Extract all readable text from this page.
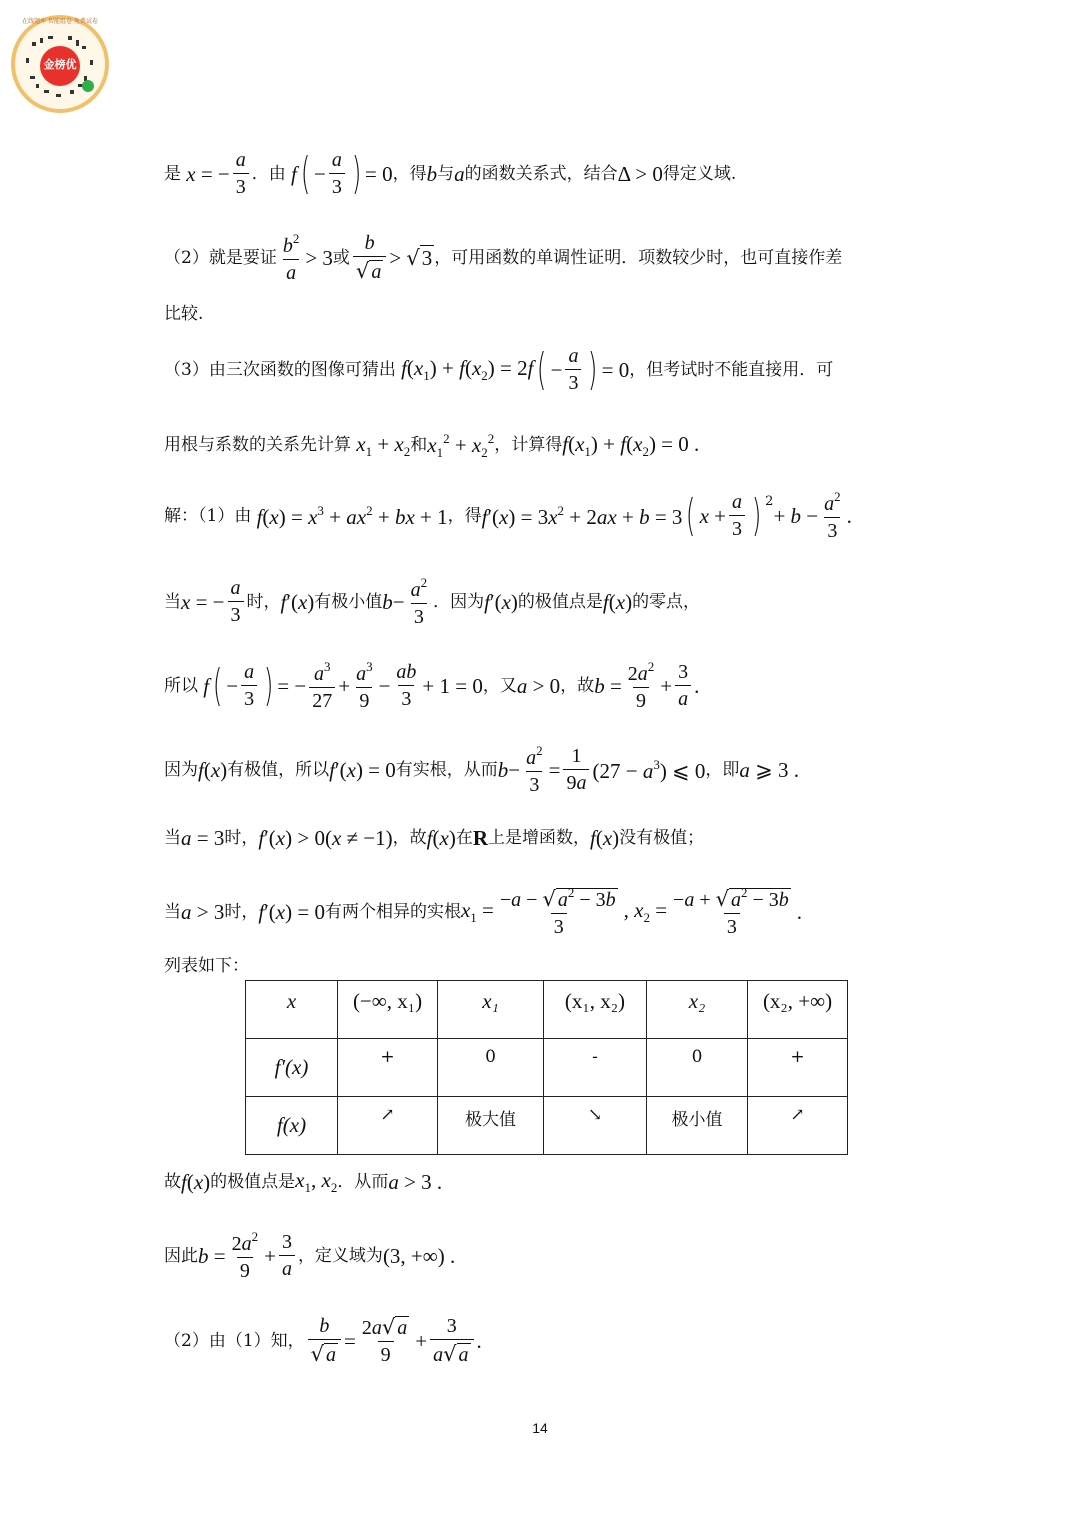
金榜优
在线题库 智能组卷 免费试卷
是 x = − $\frac{a}{3}$ ．由 f ( − $\frac{a}{3}$ ) = 0 ，得 b 与 a 的函数关系式，结合 Δ > 0 得定义域.
（2）就是要证 $\frac{b^2}{a} > 3$ 或 $\frac{b}{√ a} > √3$ ，可用函数的单调性证明．项数较少时，也可直接作差
比较.
（3）由三次函数的图像可猜出 $f(x_1) + f(x_2) = 2f$ ( − $\frac{a}{3}$ ) = 0 ，但考试时不能直接用．可
用根与系数的关系先计算 $x_1 + x_2$ 和 $x_1^2 + x_2^2$ ，计算得 $f(x_1) + f(x_2) = 0$ .
解：（1）由 $f(x) = x^3 + ax^2$ + bx + 1 ，得 $f'(x) = 3x^2 + 2ax + b = 3$ ( $x + \frac{a}{3}$ ) 2
+ $b - \frac{a^2}{3}$ .
当 x = − $\frac{a}{3}$ 时， f′(x) 有极小值 $b - \frac{a^2}{3}$ ．因为 f′(x) 的极值点是 f(x) 的零点，
所以 f ( − $\frac{a}{3}$ ) = − $\frac{a^3}{27} + \frac{a^3}{9} - \frac{ab}{3} + 1 = 0$ ，又 a > 0 ，故 $b = \frac{2a^2}{9} + \frac{3}{a}$ .
因为 f(x) 有极值，所以 f′(x) = 0 有实根，从而 $b - \frac{a^2}{3} = \frac{1}{9a} (27 - a^3)$ ⩽ 0 ，即 a ⩾ 3 .
当 a = 3 时， f′(x) > 0(x ≠ −1) ，故 f(x) 在 R 上是增函数， f(x) 没有极值；
当 a > 3 时， f′(x) = 0 有两个相异的实根 $x_1 = \frac{-a - √ a^2 - 3b}{3}$ , $x_2 = \frac{-a + √ a^2 - 3b}{3}$ .
列表如下：
x	(−∞, x₁)	x₁	(x₁, x₂)	x₂	(x₂, +∞)
f′(x)	+	0	-	0	+
f(x)	↗	极大值	↘	极小值	↗
故 f(x) 的极值点是 $x_1$, $x_2$ ．从而 a > 3 .
因此 $b = \frac{2a^2}{9} + \frac{3}{a}$ ，定义域为 (3, +∞) .
（2）由（1）知， $\frac{b}{√ a} = \frac{2a√ a}{9} + \frac{3}{a√ a}$ .
14
